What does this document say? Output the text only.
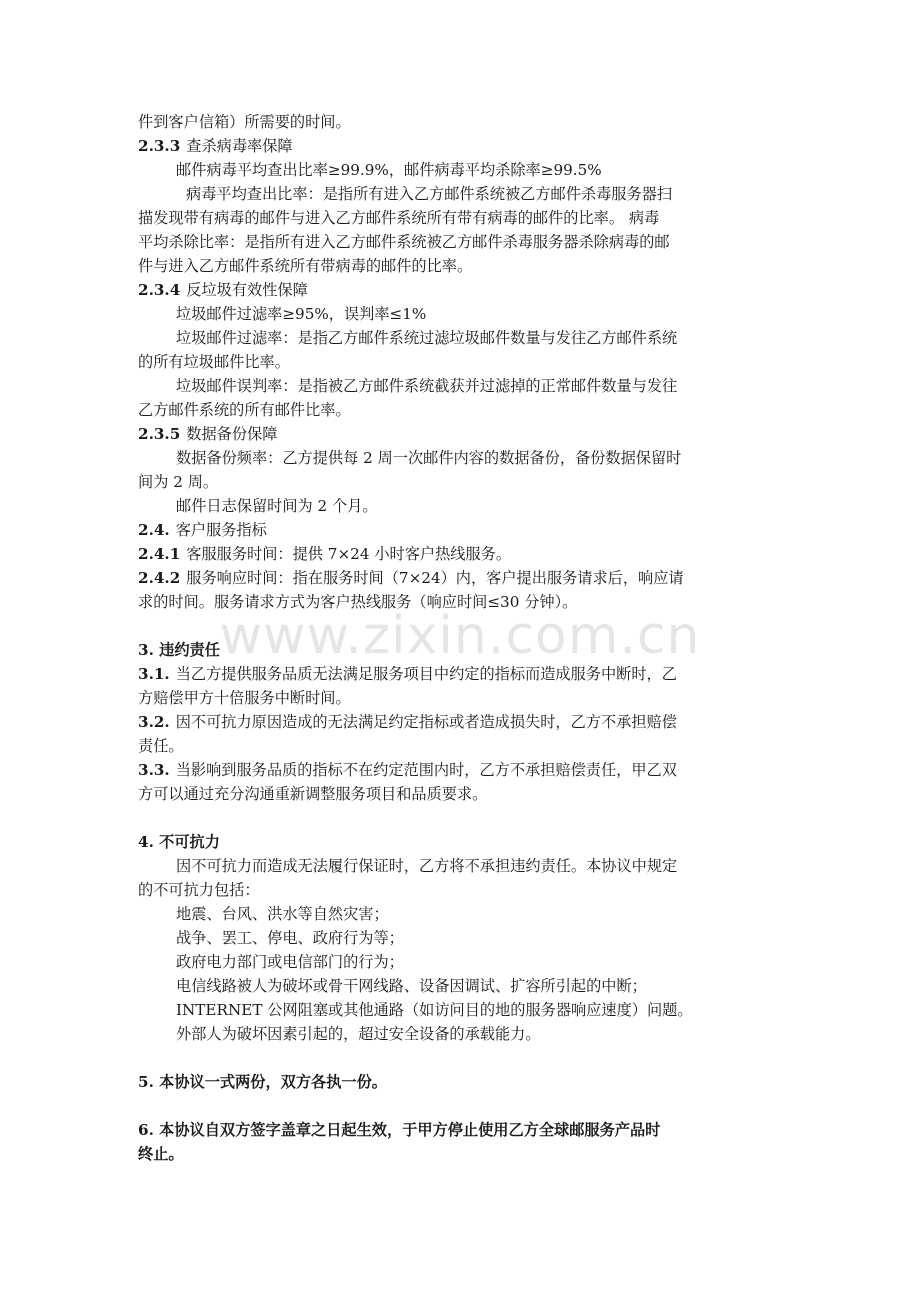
件到客户信箱）所需要的时间。
2.3.3 查杀病毒率保障
邮件病毒平均查出比率≥99.9%，邮件病毒平均杀除率≥99.5%
病毒平均查出比率：是指所有进入乙方邮件系统被乙方邮件杀毒服务器扫
描发现带有病毒的邮件与进入乙方邮件系统所有带有病毒的邮件的比率。 病毒
平均杀除比率：是指所有进入乙方邮件系统被乙方邮件杀毒服务器杀除病毒的邮
件与进入乙方邮件系统所有带病毒的邮件的比率。
2.3.4 反垃圾有效性保障
垃圾邮件过滤率≥95%，误判率≤1%
垃圾邮件过滤率：是指乙方邮件系统过滤垃圾邮件数量与发往乙方邮件系统
的所有垃圾邮件比率。
垃圾邮件误判率：是指被乙方邮件系统截获并过滤掉的正常邮件数量与发往
乙方邮件系统的所有邮件比率。
2.3.5 数据备份保障
数据备份频率：乙方提供每 2 周一次邮件内容的数据备份，备份数据保留时
间为 2 周。
邮件日志保留时间为 2 个月。
2.4. 客户服务指标
2.4.1 客服服务时间：提供 7×24 小时客户热线服务。
2.4.2 服务响应时间：指在服务时间（7×24）内，客户提出服务请求后，响应请
求的时间。服务请求方式为客户热线服务（响应时间≤30 分钟）。
3. 违约责任
3.1. 当乙方提供服务品质无法满足服务项目中约定的指标而造成服务中断时，乙
方赔偿甲方十倍服务中断时间。
3.2. 因不可抗力原因造成的无法满足约定指标或者造成损失时，乙方不承担赔偿
责任。
3.3. 当影响到服务品质的指标不在约定范围内时，乙方不承担赔偿责任，甲乙双
方可以通过充分沟通重新调整服务项目和品质要求。
4. 不可抗力
因不可抗力而造成无法履行保证时，乙方将不承担违约责任。本协议中规定
的不可抗力包括：
地震、台风、洪水等自然灾害；
战争、罢工、停电、政府行为等；
政府电力部门或电信部门的行为；
电信线路被人为破坏或骨干网线路、设备因调试、扩容所引起的中断；
INTERNET 公网阻塞或其他通路（如访问目的地的服务器响应速度）问题。
外部人为破坏因素引起的，超过安全设备的承载能力。
5. 本协议一式两份，双方各执一份。
6. 本协议自双方签字盖章之日起生效，于甲方停止使用乙方全球邮服务产品时
终止。
www.zixin.com.cn
